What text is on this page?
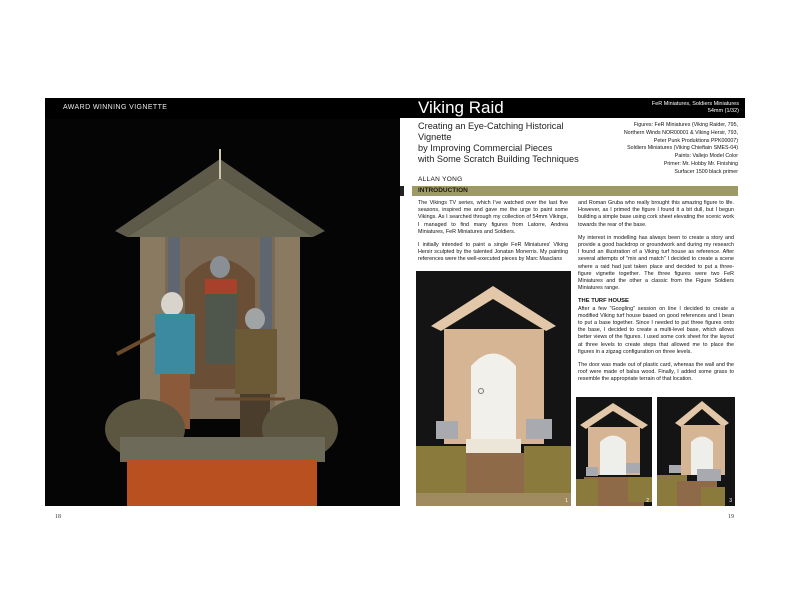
AWARD WINNING VIGNETTE
18
Viking Raid	FeR Miniatures, Soldiers Miniatures
54mm (1/32)
Creating an Eye-Catching Historical Vignette
by Improving Commercial Pieces
with Some Scratch Building Techniques
Figures: FeR Miniatures (Viking Raider, 795,
Northern Winds NOR00001 & Viking Hersir, 793,
Peter Punk Produktions PPK00007)
Soldiers Miniatures (Viking Chieftain SMES-04)
Paints: Vallejo Model Color
Primer: Mr. Hobby Mr. Finishing
Surfacer 1500 black primer
ALLAN YONG
INTRODUCTION

The Vikings TV series, which I've watched over the last five seasons, inspired me and gave me the urge to paint some Vikings. As I searched through my collection of 54mm Vikings, I managed to find many figures from Latorre, Andrea Miniatures, FeR Miniatures and Soldiers.

I initially intended to paint a single FeR Miniatures' Viking Hersir sculpted by the talented Jonatan Monerris. My painting references were the well-executed pieces by Marc Masclans

and Roman Gruba who really brought this amazing figure to life. However, as I primed the figure I found it a bit dull, but I begun building a simple base using cork sheet elevating the scenic work towards the rear of the base.

My interest in modelling has always been to create a story and provide a good backdrop or groundwork and during my research I found an illustration of a Viking turf house as reference. After several attempts of "mix and match" I decided to create a scene where a raid had just taken place and decided to put a three-figure vignette together. The three figures were two FeR Miniatures and the other a classic from the Figure Soldiers Miniatures range.

THE TURF HOUSE

After a few "Googling" session on line I decided to create a modified Viking turf house based on good references and I bean to put a base together. Since I needed to put three figures onto the base, I decided to create a multi-level base, which allows better views of the figures. I used some cork sheet for the layout at three levels to create steps that allowed me to place the figures in a zigzag configuration on three levels.

The door was made out of plastic card, whereas the wall and the roof were made of balsa wood. Finally, I added some grass to resemble the appropriate terrain of that location.

1	2	3
19
